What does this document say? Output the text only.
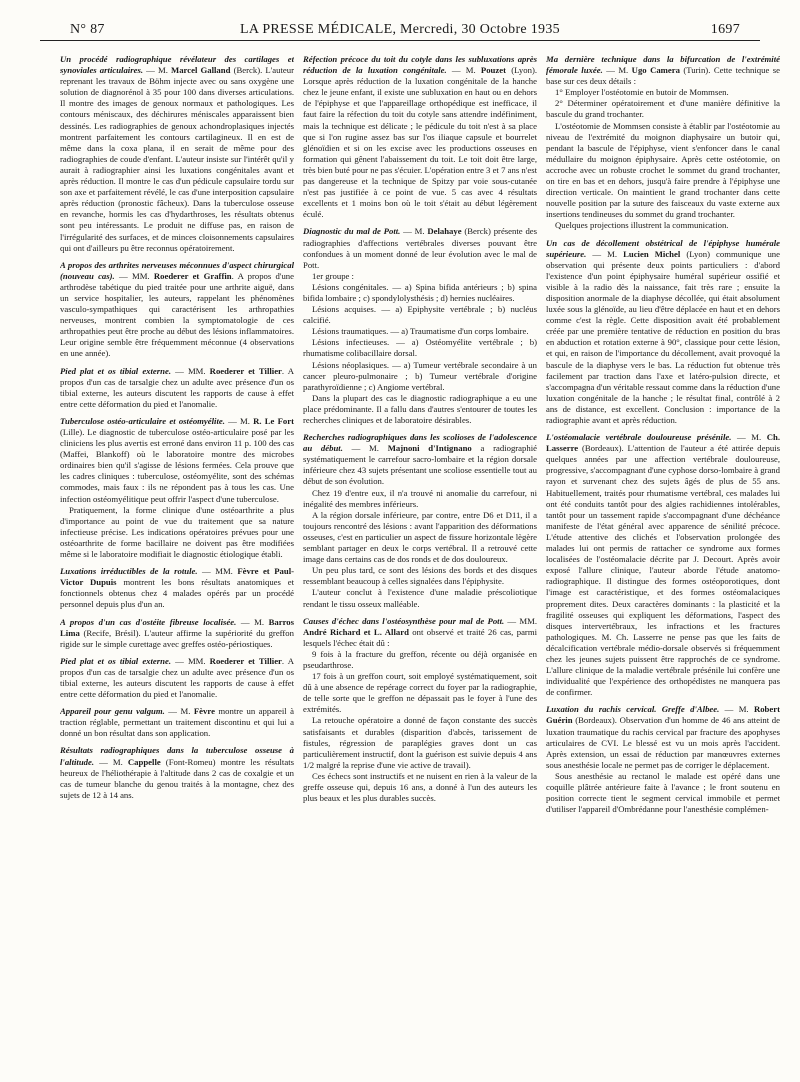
N° 87	LA PRESSE MÉDICALE, Mercredi, 30 Octobre 1935	1697

Un procédé radiographique révélateur des cartilages et synoviales articulaires. — M. Marcel Galland (Berck). L'auteur reprenant les travaux de Böhm injecte avec ou sans oxygène une solution de diagnorénol à 35 pour 100 dans diverses articulations. Il montre des images de genoux normaux et pathologiques. Les contours méniscaux, des déchirures méniscales apparaissent bien dessinés. Les radiographies de genoux achondroplasiques injectés montrent parfaitement les contours cartilagineux. Il en est de même dans la coxa plana, il en serait de même pour des radiographies de coude d'enfant. L'auteur insiste sur l'intérêt qu'il y aurait à radiographier ainsi les luxations congénitales avant et après réduction. Il montre le cas d'un pédicule capsulaire tordu sur son axe et parfaitement révélé, le cas d'une interposition capsulaire après réduction (pronostic fâcheux). Dans la tuberculose osseuse en revanche, hormis les cas d'hydarthroses, les résultats obtenus sont peu intéressants. Le produit ne diffuse pas, en raison de l'irrégularité des surfaces, et de minces cloisonnements capsulaires qui ont d'ailleurs pu être reconnus opératoirement.

A propos des arthrites nerveuses méconnues d'aspect chirurgical (nouveau cas). — MM. Roederer et Graffin. A propos d'une arthrodèse tabétique du pied traitée pour une arthrite aiguë, dans un service hospitalier, les auteurs, rappelant les phénomènes vasculo-sympathiques qui caractérisent les arthropathies nerveuses, montrent combien la symptomatologie de ces arthropathies peut être proche au début des lésions inflammatoires. Leur origine semble être fréquemment méconnue (4 observations en une année).

Pied plat et os tibial externe. — MM. Roederer et Tillier. A propos d'un cas de tarsalgie chez un adulte avec présence d'un os tibial externe, les auteurs discutent les rapports de cause à effet entre cette déformation du pied et l'anomalie.

Tuberculose ostéo-articulaire et ostéomyélite. — M. R. Le Fort (Lille). Le diagnostic de tuberculose ostéo-articulaire posé par les cliniciens les plus avertis est erroné dans environ 11 p. 100 des cas (Maffei, Blankoff) où le laboratoire montre des microbes ordinaires bien qu'il s'agisse de lésions fermées. Cela prouve que les cadres cliniques : tuberculose, ostéomyélite, sont des schémas commodes, mais faux : ils ne répondent pas à tous les cas. Une infection ostéomyélitique peut offrir l'aspect d'une tuberculose.

Pratiquement, la forme clinique d'une ostéoarthrite a plus d'importance au point de vue du traitement que sa nature infectieuse précise. Les indications opératoires prévues pour une ostéoarthrite de forme bacillaire ne doivent pas être modifiées même si le laboratoire modifiait le diagnostic étiologique établi.

Luxations irréductibles de la rotule. — MM. Fèvre et Paul-Victor Dupuis montrent les bons résultats anatomiques et fonctionnels obtenus chez 4 malades opérés par un procédé personnel depuis plus d'un an.

A propos d'un cas d'ostéite fibreuse localisée. — M. Barros Lima (Recife, Brésil). L'auteur affirme la supériorité du greffon rigide sur le simple curettage avec greffes ostéo-périostiques.

Pied plat et os tibial externe. — MM. Roederer et Tillier. A propos d'un cas de tarsalgie chez un adulte avec présence d'un os tibial externe, les auteurs discutent les rapports de cause à effet entre cette déformation du pied et l'anomalie.

Appareil pour genu valgum. — M. Fèvre montre un appareil à traction réglable, permettant un traitement discontinu et qui lui a donné un bon résultat dans son application.

Résultats radiographiques dans la tuberculose osseuse à l'altitude. — M. Cappelle (Font-Romeu) montre les résultats heureux de l'héliothérapie à l'altitude dans 2 cas de coxalgie et un cas de tumeur blanche du genou traités à la montagne, chez des sujets de 12 à 14 ans.

Réfection précoce du toit du cotyle dans les subluxations après réduction de la luxation congénitale. — M. Pouzet (Lyon). Lorsque après réduction de la luxation congénitale de la hanche chez le jeune enfant, il existe une subluxation en haut ou en dehors de l'épiphyse et que l'appareillage orthopédique est inefficace, il faut faire la réfection du toit du cotyle sans attendre indéfiniment, mais la technique est délicate ; le pédicule du toit n'est à sa place que si l'on rugine assez bas sur l'os iliaque capsule et bourrelet glénoïdien et si on les excise avec les productions osseuses en formation qui gênent l'abaissement du toit. Le toit doit être large, très bien buté pour ne pas s'écuier. L'opération entre 3 et 7 ans n'est pas dangereuse et la technique de Spitzy par voie sous-cutanée n'est pas justifiée à ce point de vue. 5 cas avec 4 résultats excellents et 1 moins bon où le toit s'était au début légèrement éculé.

Diagnostic du mal de Pott. — M. Delahaye (Berck) présente des radiographies d'affections vertébrales diverses pouvant être confondues à un moment donné de leur évolution avec le mal de Pott.

1er groupe :

Lésions congénitales. — a) Spina bifida antérieurs ; b) spina bifida lombaire ; c) spondylolysthésis ; d) hernies nucléaires.

Lésions acquises. — a) Epiphysite vertébrale ; b) nucléus calcifié.

Lésions traumatiques. — a) Traumatisme d'un corps lombaire.

Lésions infectieuses. — a) Ostéomyélite vertébrale ; b) rhumatisme colibacillaire dorsal.

Lésions néoplasiques. — a) Tumeur vertébrale secondaire à un cancer pleuro-pulmonaire ; b) Tumeur vertébrale d'origine parathyroïdienne ; c) Angiome vertébral.

Dans la plupart des cas le diagnostic radiographique a eu une place prédominante. Il a fallu dans d'autres s'entourer de toutes les recherches cliniques et de laboratoire désirables.

Recherches radiographiques dans les scolioses de l'adolescence au début. — M. Majnoni d'Intignano a radiographié systématiquement le carrefour sacro-lombaire et la région dorsale inférieure chez 43 sujets présentant une scoliose essentielle tout au début de son évolution.

Chez 19 d'entre eux, il n'a trouvé ni anomalie du carrefour, ni inégalité des membres inférieurs.

A la région dorsale inférieure, par contre, entre D6 et D11, il a toujours rencontré des lésions : avant l'apparition des déformations osseuses, c'est en particulier un aspect de fissure horizontale lègère semblant partager en deux le corps vertébral. Il a retrouvé cette image dans certains cas de dos ronds et de dos douloureux.

Un peu plus tard, ce sont des lésions des bords et des disques ressemblant beaucoup à celles signalées dans l'épiphysite.

L'auteur conclut à l'existence d'une maladie préscoliotique rendant le tissu osseux malléable.

Causes d'échec dans l'ostéosynthèse pour mal de Pott. — MM. André Richard et L. Allard ont observé et traité 26 cas, parmi lesquels l'échec était dû :

9 fois à la fracture du greffon, récente ou déjà organisée en pseudarthrose.

17 fois à un greffon court, soit employé systématiquement, soit dû à une absence de repérage correct du foyer par la radiographie, de telle sorte que le greffon ne dépassait pas le foyer à l'une des extrémités.

La retouche opératoire a donné de façon constante des succès satisfaisants et durables (disparition d'abcès, tarissement de fistules, régression de paraplégies graves dont un cas particulièrement instructif, dont la guérison est suivie depuis 4 ans 1/2 malgré la reprise d'une vie active de travail).

Ces échecs sont instructifs et ne nuisent en rien à la valeur de la greffe osseuse qui, depuis 16 ans, a donné à l'un des auteurs les plus beaux et les plus durables succès.

Ma dernière technique dans la bifurcation de l'extrémité fémorale luxée. — M. Ugo Camera (Turin). Cette technique se base sur ces deux détails :

1° Employer l'ostéotomie en butoir de Mommsen.

2° Déterminer opératoirement et d'une manière définitive la bascule du grand trochanter.

L'ostéotomie de Mommsen consiste à établir par l'ostéotomie au niveau de l'extrémité du moignon diaphysaire un butoir qui, pendant la bascule de l'épiphyse, vient s'enfoncer dans le canal médullaire du moignon épiphysaire. Après cette ostéotomie, on accroche avec un robuste crochet le sommet du grand trochanter, on tire en bas et en dehors, jusqu'à faire prendre à l'épiphyse une direction verticale. On maintient le grand trochanter dans cette nouvelle position par la suture des faisceaux du vaste externe aux insertions tendineuses du sommet du grand trochanter.

Quelques projections illustrent la communication.

Un cas de décollement obstétrical de l'épiphyse humérale supérieure. — M. Lucien Michel (Lyon) communique une observation qui présente deux points particuliers : d'abord l'existence d'un point épiphysaire huméral supérieur ossifié et visible à la radio dès la naissance, fait très rare ; ensuite la disposition anormale de la diaphyse décollée, qui était absolument luxée sous la glénoïde, au lieu d'être déplacée en haut et en dehors comme c'est la règle. Cette disposition avait été probablement créée par une première tentative de réduction en position du bras en abduction et rotation externe à 90°, classique pour cette lésion, et qui, en raison de l'importance du décollement, avait provoqué la bascule de la diaphyse vers le bas. La réduction fut obtenue très facilement par traction dans l'axe et latéro-pulsion directe, et s'accompagna d'un véritable ressaut comme dans la réduction d'une luxation congénitale de la hanche ; le résultat final, contrôlé à 2 ans de distance, est excellent. Conclusion : importance de la radiographie avant et après réduction.

L'ostéomalacie vertébrale douloureuse présénile. — M. Ch. Lasserre (Bordeaux). L'attention de l'auteur a été attirée depuis quelques années par une affection vertébrale douloureuse, progressive, s'accompagnant d'une cyphose dorso-lombaire à grand rayon et survenant chez des sujets âgés de plus de 55 ans. Habituellement, traités pour rhumatisme vertébral, ces malades lui ont été conduits tantôt pour des algies rachidiennes intolérables, tantôt pour un tassement rapide s'accompagnant d'une déchéance manifeste de l'état général avec apparence de sénilité précoce. L'étude attentive des clichés et l'observation prolongée des malades lui ont permis de rattacher ce syndrome aux formes localisées de l'ostéomalacie décrite par J. Decourt. Après avoir exposé l'allure clinique, l'auteur aborde l'étude anatomo-radiographique. Il distingue des formes ostéoporotiques, dont l'image est caractéristique, et des formes ostéomalaciques proprement dites. Deux caractères dominants : la plasticité et la fragilité osseuses qui expliquent les déformations, l'aspect des disques intervertébraux, les infractions et les fractures pathologiques. M. Ch. Lasserre ne pense pas que les faits de décalcification vertébrale médio-dorsale observés si fréquemment chez les jeunes sujets puissent être rapprochés de ce syndrome. L'allure clinique de la maladie vertébrale présénile lui confère une individualité que l'expérience des orthopédistes ne manquera pas de confirmer.

Luxation du rachis cervical. Greffe d'Albee. — M. Robert Guérin (Bordeaux). Observation d'un homme de 46 ans atteint de luxation traumatique du rachis cervical par fracture des apophyses articulaires de CVI. Le blessé est vu un mois après l'accident. Après extension, un essai de réduction par manœuvres externes sous anesthésie locale ne permet pas de corriger le déplacement.

Sous anesthésie au rectanol le malade est opéré dans une coquille plâtrée antérieure faite à l'avance ; le front soutenu en position correcte tient le segment cervical immobile et permet d'utiliser l'appareil d'Ombrédanne pour l'anesthésie complémen-
